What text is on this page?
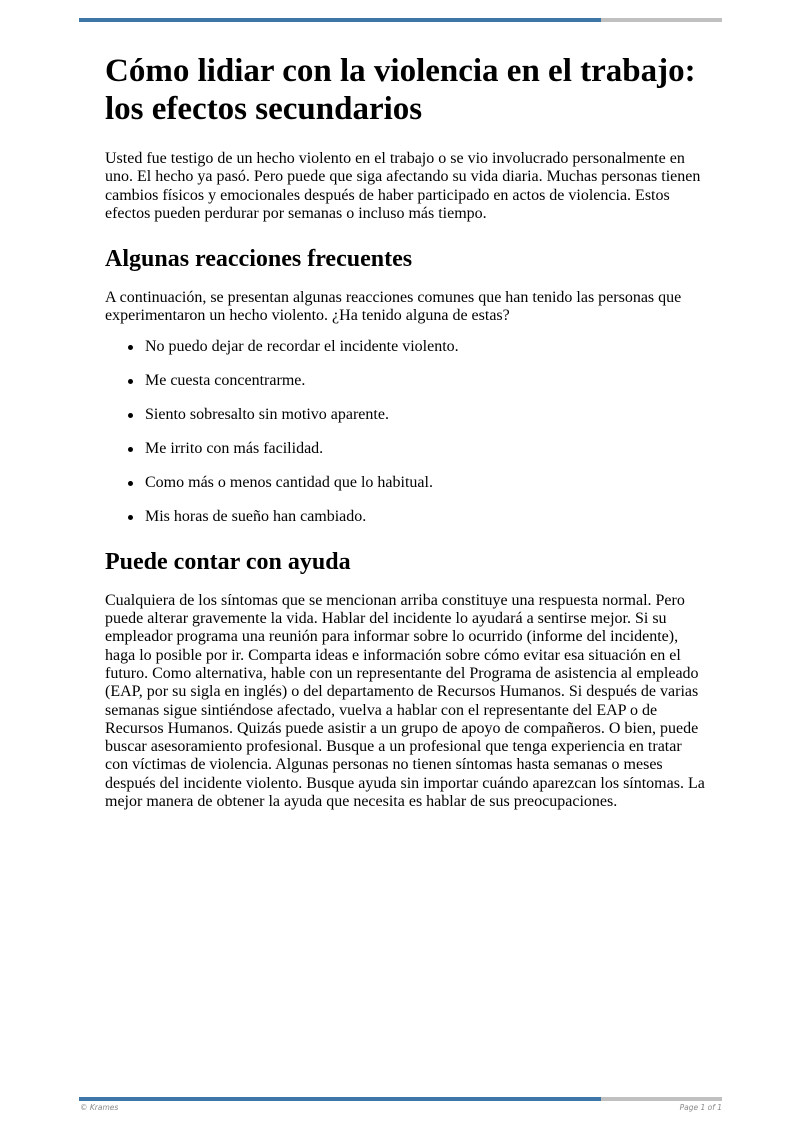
Cómo lidiar con la violencia en el trabajo: los efectos secundarios

Usted fue testigo de un hecho violento en el trabajo o se vio involucrado personalmente en uno. El hecho ya pasó. Pero puede que siga afectando su vida diaria. Muchas personas tienen cambios físicos y emocionales después de haber participado en actos de violencia. Estos efectos pueden perdurar por semanas o incluso más tiempo.

Algunas reacciones frecuentes

A continuación, se presentan algunas reacciones comunes que han tenido las personas que experimentaron un hecho violento. ¿Ha tenido alguna de estas?

No puedo dejar de recordar el incidente violento.
Me cuesta concentrarme.
Siento sobresalto sin motivo aparente.
Me irrito con más facilidad.
Como más o menos cantidad que lo habitual.
Mis horas de sueño han cambiado.
Puede contar con ayuda

Cualquiera de los síntomas que se mencionan arriba constituye una respuesta normal. Pero puede alterar gravemente la vida. Hablar del incidente lo ayudará a sentirse mejor. Si su empleador programa una reunión para informar sobre lo ocurrido (informe del incidente), haga lo posible por ir. Comparta ideas e información sobre cómo evitar esa situación en el futuro. Como alternativa, hable con un representante del Programa de asistencia al empleado (EAP, por su sigla en inglés) o del departamento de Recursos Humanos. Si después de varias semanas sigue sintiéndose afectado, vuelva a hablar con el representante del EAP o de Recursos Humanos. Quizás puede asistir a un grupo de apoyo de compañeros. O bien, puede buscar asesoramiento profesional. Busque a un profesional que tenga experiencia en tratar con víctimas de violencia. Algunas personas no tienen síntomas hasta semanas o meses después del incidente violento. Busque ayuda sin importar cuándo aparezcan los síntomas. La mejor manera de obtener la ayuda que necesita es hablar de sus preocupaciones.

© Krames	Page 1 of 1
